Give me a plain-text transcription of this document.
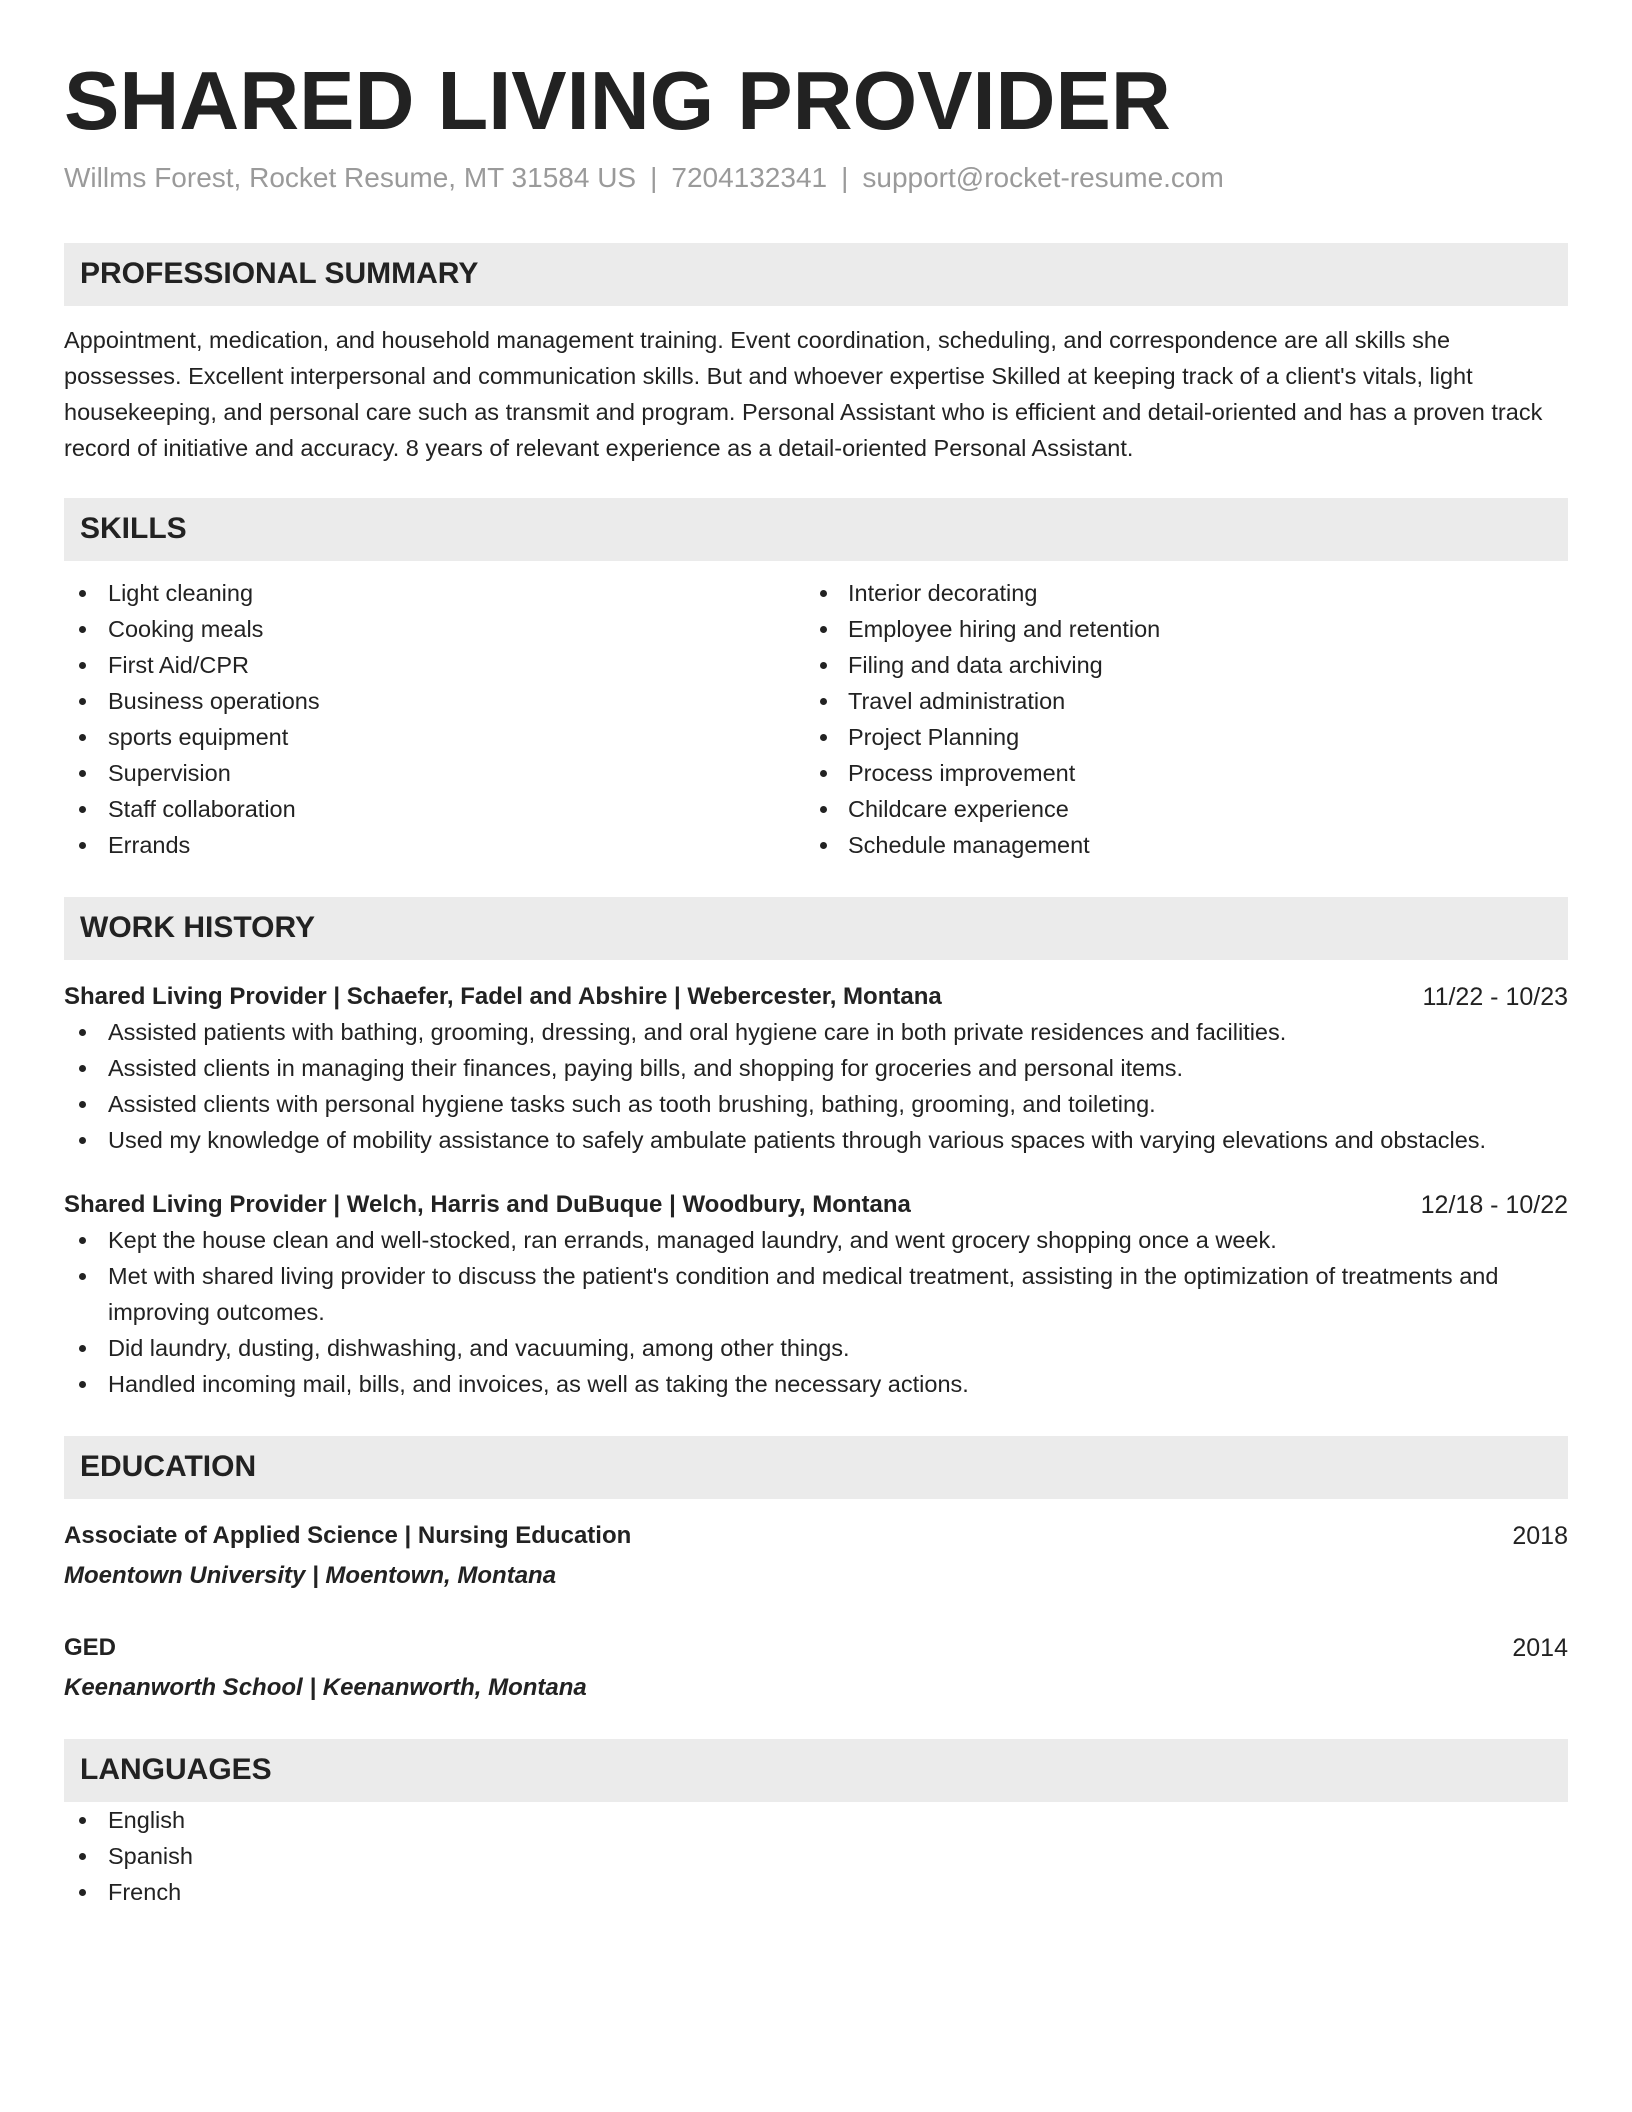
SHARED LIVING PROVIDER
Willms Forest, Rocket Resume, MT 31584 US | 7204132341 | support@rocket-resume.com
PROFESSIONAL SUMMARY
Appointment, medication, and household management training. Event coordination, scheduling, and correspondence are all skills she possesses. Excellent interpersonal and communication skills. But and whoever expertise Skilled at keeping track of a client's vitals, light housekeeping, and personal care such as transmit and program. Personal Assistant who is efficient and detail-oriented and has a proven track record of initiative and accuracy. 8 years of relevant experience as a detail-oriented Personal Assistant.
SKILLS
Light cleaning
Cooking meals
First Aid/CPR
Business operations
sports equipment
Supervision
Staff collaboration
Errands
Interior decorating
Employee hiring and retention
Filing and data archiving
Travel administration
Project Planning
Process improvement
Childcare experience
Schedule management
WORK HISTORY
Shared Living Provider | Schaefer, Fadel and Abshire | Webercester, Montana	11/22 - 10/23
Assisted patients with bathing, grooming, dressing, and oral hygiene care in both private residences and facilities.
Assisted clients in managing their finances, paying bills, and shopping for groceries and personal items.
Assisted clients with personal hygiene tasks such as tooth brushing, bathing, grooming, and toileting.
Used my knowledge of mobility assistance to safely ambulate patients through various spaces with varying elevations and obstacles.
Shared Living Provider | Welch, Harris and DuBuque | Woodbury, Montana	12/18 - 10/22
Kept the house clean and well-stocked, ran errands, managed laundry, and went grocery shopping once a week.
Met with shared living provider to discuss the patient's condition and medical treatment, assisting in the optimization of treatments and improving outcomes.
Did laundry, dusting, dishwashing, and vacuuming, among other things.
Handled incoming mail, bills, and invoices, as well as taking the necessary actions.
EDUCATION
Associate of Applied Science | Nursing Education	2018
Moentown University | Moentown, Montana
GED	2014
Keenanworth School | Keenanworth, Montana
LANGUAGES
English
Spanish
French
